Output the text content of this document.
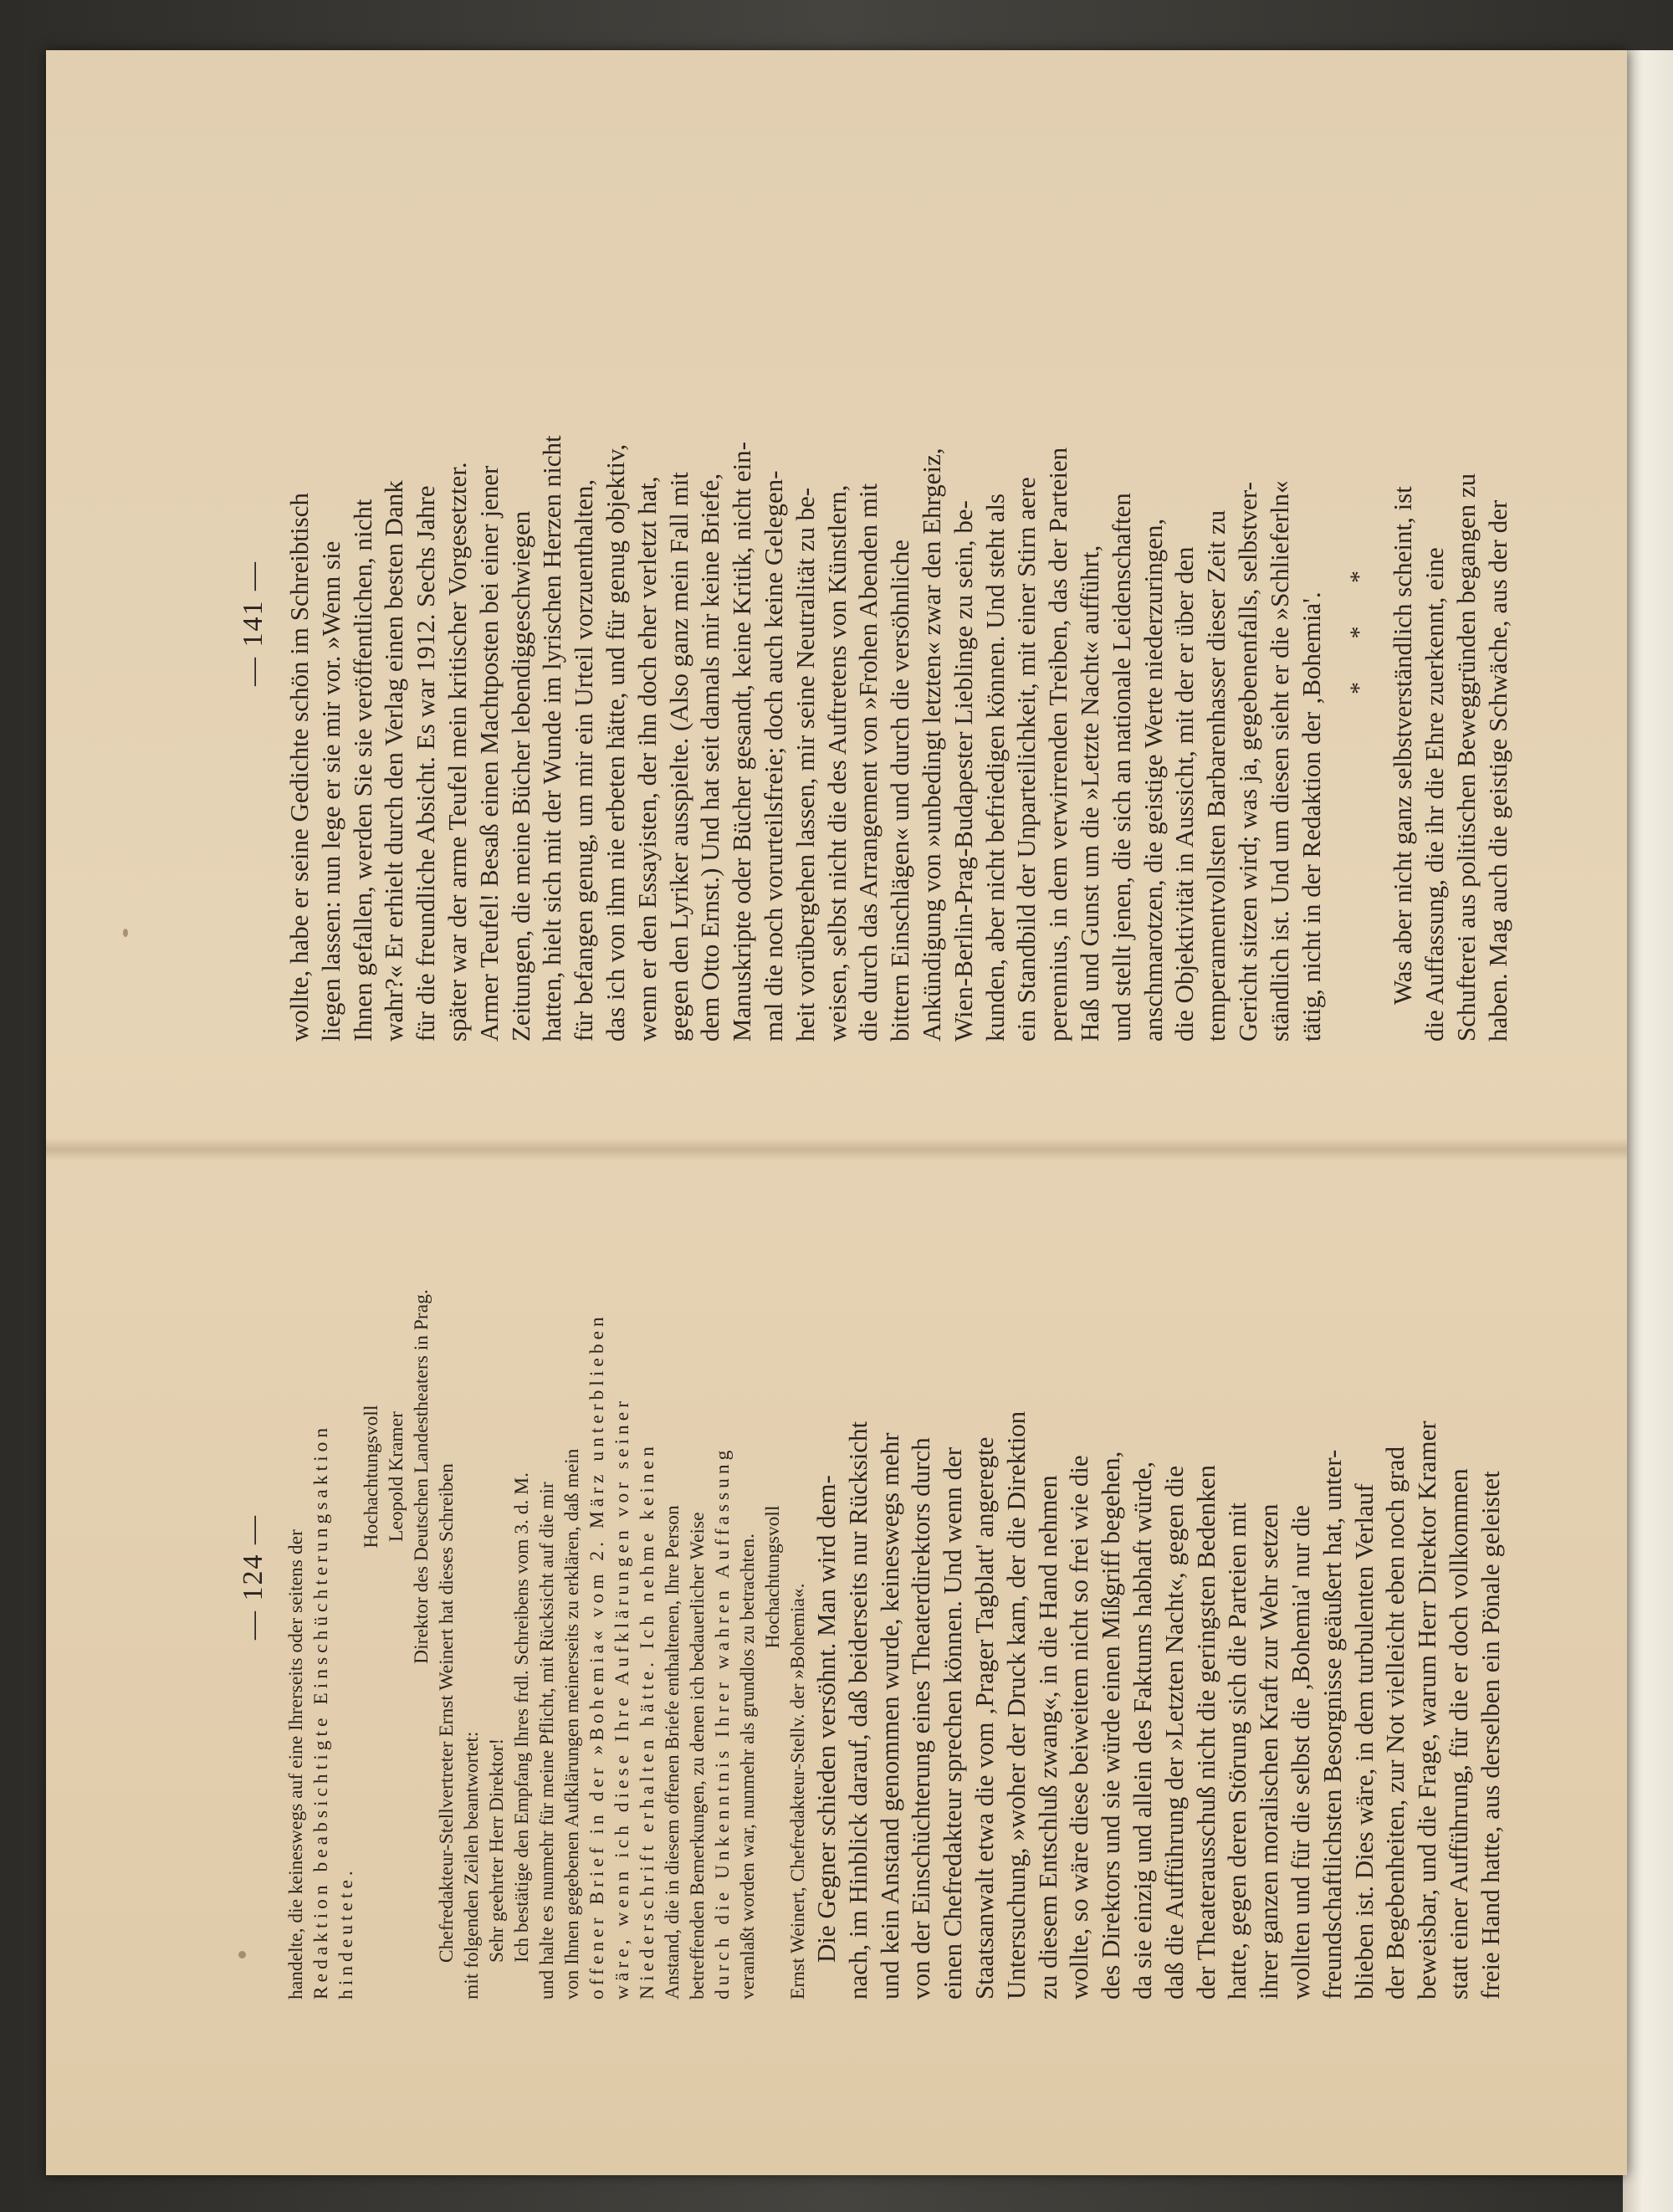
— 124 — handelte, die keineswegs auf eine Ihrerseits oder seitens der Redaktion beabsichtigte Einschüchterungsaktion hindeutete.

Hochachtungsvoll Leopold Kramer Direktor des Deutschen Landestheaters in Prag. Chefredakteur-Stellvertreter Ernst Weinert hat dieses Schreiben mit folgenden Zeilen beantwortet: Sehr geehrter Herr Direktor! Ich bestätige den Empfang Ihres frdl. Schreibens vom 3. d. M. und halte es nunmehr für meine Pflicht, mit Rücksicht auf die mir von Ihnen gegebenen Aufklärungen meinerseits zu erklären, daß mein offener Brief in der »Bohemia« vom 2. März unterblieben wäre, wenn ich diese Ihre Aufklärungen vor seiner Niederschrift erhalten hätte. Ich nehme keinen Anstand, die in diesem offenen Briefe enthaltenen, Ihre Person betreffenden Bemerkungen, zu denen ich bedauerlicher Weise durch die Unkenntnis Ihrer wahren Auffassung veranlaßt worden war, nunmehr als grundlos zu betrachten. Hochachtungsvoll

Ernst Weinert, Chefredakteur-Stellv. der »Bohemia«. Die Gegner schieden versöhnt. Man wird dem- nach, im Hinblick darauf, daß beiderseits nur Rücksicht und kein Anstand genommen wurde, keineswegs mehr von der Einschüchterung eines Theaterdirektors durch einen Chefredakteur sprechen können. Und wenn der Staatsanwalt etwa die vom ‚Prager Tagblatt' angeregte Untersuchung, »woher der Druck kam, der die Direktion zu diesem Entschluß zwang«, in die Hand nehmen wollte, so wäre diese beiweitem nicht so frei wie die des Direktors und sie würde einen Mißgriff begehen, da sie einzig und allein des Faktums habhaft würde, daß die Aufführung der »Letzten Nacht«, gegen die der Theaterausschuß nicht die geringsten Bedenken hatte, gegen deren Störung sich die Parteien mit ihrer ganzen moralischen Kraft zur Wehr setzen wollten und für die selbst die ‚Bohemia' nur die freundschaftlichsten Besorgnisse geäußert hat, unter- blieben ist. Dies wäre, in dem turbulenten Verlauf der Begebenheiten, zur Not vielleicht eben noch grad beweisbar, und die Frage, warum Herr Direktor Kramer statt einer Aufführung, für die er doch vollkommen freie Hand hatte, aus derselben ein Pönale geleistet

— 141 — wollte, habe er seine Gedichte schön im Schreibtisch liegen lassen: nun lege er sie mir vor. »Wenn sie Ihnen gefallen, werden Sie sie veröffentlichen, nicht wahr?« Er erhielt durch den Verlag einen besten Dank für die freundliche Absicht. Es war 1912. Sechs Jahre später war der arme Teufel mein kritischer Vorgesetzter. Armer Teufel! Besaß einen Machtposten bei einer jener Zeitungen, die meine Bücher lebendiggeschwiegen hatten, hielt sich mit der Wunde im lyrischen Herzen nicht für befangen genug, um mir ein Urteil vorzuenthalten, das ich von ihm nie erbeten hätte, und für genug objektiv, wenn er den Essayisten, der ihn doch eher verletzt hat, gegen den Lyriker ausspielte. (Also ganz mein Fall mit dem Otto Ernst.) Und hat seit damals mir keine Briefe, Manuskripte oder Bücher gesandt, keine Kritik, nicht ein- mal die noch vorurteilsfreie; doch auch keine Gelegen- heit vorübergehen lassen, mir seine Neutralität zu be- weisen, selbst nicht die des Auftretens von Künstlern, die durch das Arrangement von »Frohen Abenden mit bittern Einschlägen« und durch die versöhnliche Ankündigung von »unbedingt letzten« zwar den Ehrgeiz, Wien-Berlin-Prag-Budapester Lieblinge zu sein, be- kunden, aber nicht befriedigen können. Und steht als ein Standbild der Unparteilichkeit, mit einer Stirn aere perennius, in dem verwirrenden Treiben, das der Parteien Haß und Gunst um die »Letzte Nacht« aufführt, und stellt jenen, die sich an nationale Leidenschaften anschmarotzen, die geistige Werte niederzuringen, die Objektivität in Aussicht, mit der er über den temperamentvollsten Barbarenhasser dieser Zeit zu Gericht sitzen wird; was ja, gegebenenfalls, selbstver- ständlich ist. Und um diesen sieht er die »Schlieferln« tätig, nicht in der Redaktion der ‚Bohemia'. * * * Was aber nicht ganz selbstverständlich scheint, ist die Auffassung, die ihr die Ehre zuerkennt, eine Schufterei aus politischen Beweggründen begangen zu haben. Mag auch die geistige Schwäche, aus der der
